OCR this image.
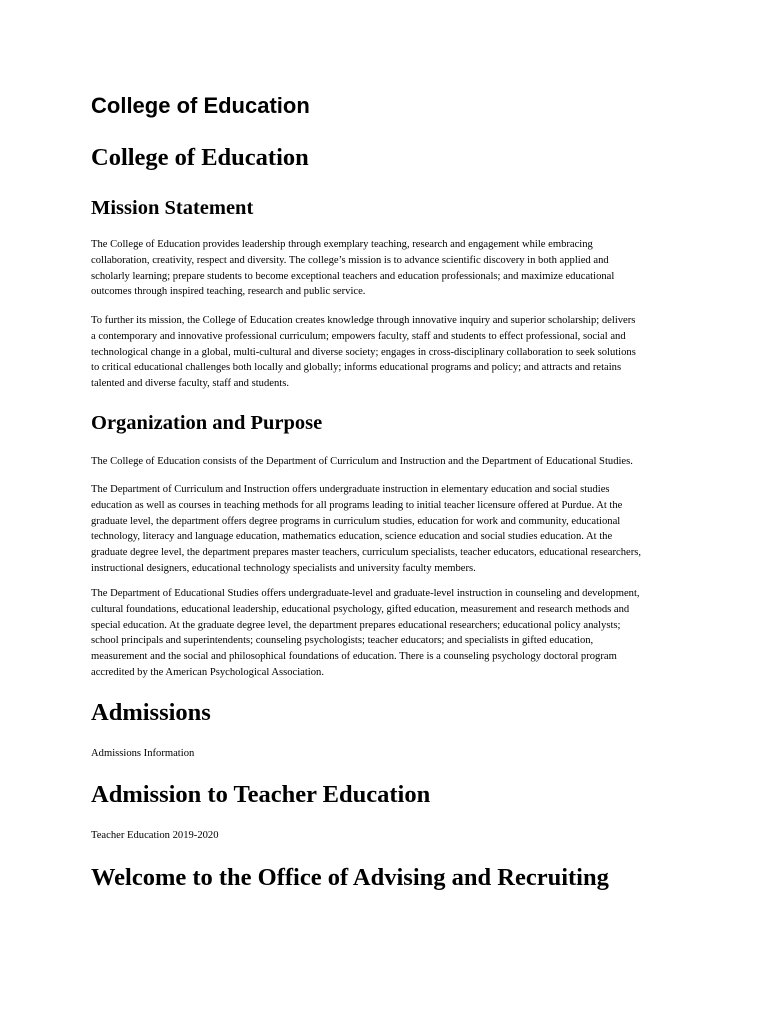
College of Education
College of Education
Mission Statement

The College of Education provides leadership through exemplary teaching, research and engagement while embracing
collaboration, creativity, respect and diversity. The college’s mission is to advance scientific discovery in both applied and
scholarly learning; prepare students to become exceptional teachers and education professionals; and maximize educational
outcomes through inspired teaching, research and public service.

To further its mission, the College of Education creates knowledge through innovative inquiry and superior scholarship; delivers
a contemporary and innovative professional curriculum; empowers faculty, staff and students to effect professional, social and
technological change in a global, multi-cultural and diverse society; engages in cross-disciplinary collaboration to seek solutions
to critical educational challenges both locally and globally; informs educational programs and policy; and attracts and retains
talented and diverse faculty, staff and students.

Organization and Purpose

The College of Education consists of the Department of Curriculum and Instruction and the Department of Educational Studies.

The Department of Curriculum and Instruction offers undergraduate instruction in elementary education and social studies
education as well as courses in teaching methods for all programs leading to initial teacher licensure offered at Purdue. At the
graduate level, the department offers degree programs in curriculum studies, education for work and community, educational
technology, literacy and language education, mathematics education, science education and social studies education. At the
graduate degree level, the department prepares master teachers, curriculum specialists, teacher educators, educational researchers,
instructional designers, educational technology specialists and university faculty members.

The Department of Educational Studies offers undergraduate-level and graduate-level instruction in counseling and development,
cultural foundations, educational leadership, educational psychology, gifted education, measurement and research methods and
special education. At the graduate degree level, the department prepares educational researchers; educational policy analysts;
school principals and superintendents; counseling psychologists; teacher educators; and specialists in gifted education,
measurement and the social and philosophical foundations of education. There is a counseling psychology doctoral program
accredited by the American Psychological Association.

Admissions

Admissions Information

Admission to Teacher Education

Teacher Education 2019-2020

Welcome to the Office of Advising and Recruiting
